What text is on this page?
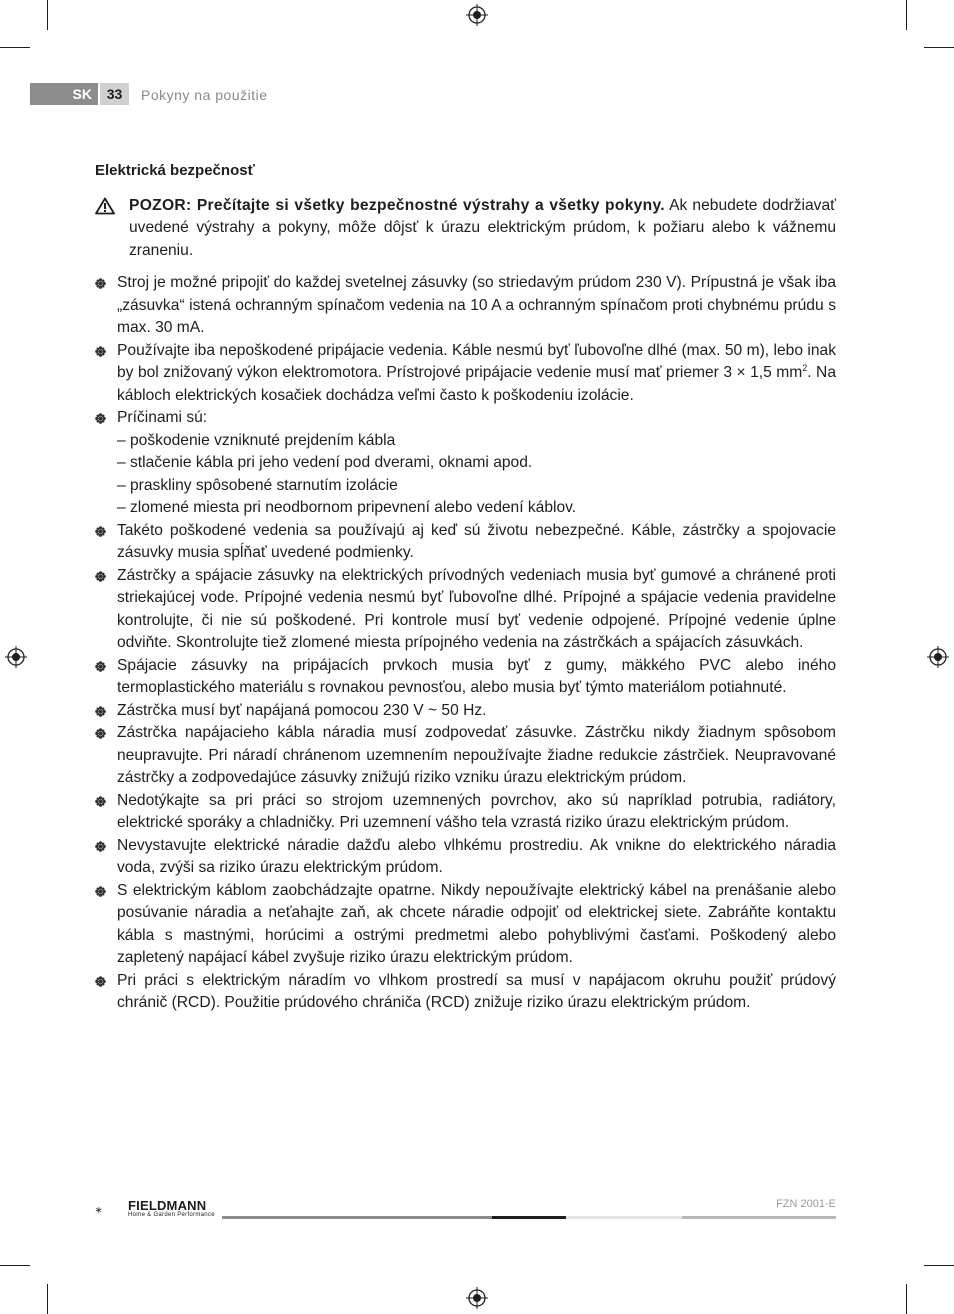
SK	33	Pokyny na použitie
Elektrická bezpečnosť
POZOR: Prečítajte si všetky bezpečnostné výstrahy a všetky pokyny. Ak nebudete dodržiavať uvedené výstrahy a pokyny, môže dôjsť k úrazu elektrickým prúdom, k požiaru alebo k vážnemu zraneniu.
Stroj je možné pripojiť do každej svetelnej zásuvky (so striedavým prúdom 230 V). Prípustná je však iba „zásuvka“ istená ochranným spínačom vedenia na 10 A a ochranným spínačom proti chybnému prúdu s max. 30 mA.
Používajte iba nepoškodené pripájacie vedenia. Káble nesmú byť ľubovoľne dlhé (max. 50 m), lebo inak by bol znižovaný výkon elektromotora. Prístrojové pripájacie vedenie musí mať priemer 3 × 1,5 $mm^2$. Na kábloch elektrických kosačiek dochádza veľmi často k poškodeniu izolácie.
Príčinami sú:
– poškodenie vzniknuté prejdením kábla
– stlačenie kábla pri jeho vedení pod dverami, oknami apod.
– praskliny spôsobené starnutím izolácie
– zlomené miesta pri neodbornom pripevnení alebo vedení káblov.
Takéto poškodené vedenia sa používajú aj keď sú životu nebezpečné. Káble, zástrčky a spojovacie zásuvky musia spĺňať uvedené podmienky.
Zástrčky a spájacie zásuvky na elektrických prívodných vedeniach musia byť gumové a chránené proti striekajúcej vode. Prípojné vedenia nesmú byť ľubovoľne dlhé. Prípojné a spájacie vedenia pravidelne kontrolujte, či nie sú poškodené. Pri kontrole musí byť vedenie odpojené. Prípojné vedenie úplne odviňte. Skontrolujte tiež zlomené miesta prípojného vedenia na zástrčkách a spájacích zásuvkách.
Spájacie zásuvky na pripájacích prvkoch musia byť z gumy, mäkkého PVC alebo iného termoplastického materiálu s rovnakou pevnosťou, alebo musia byť týmto materiálom potiahnuté.
Zástrčka musí byť napájaná pomocou 230 V ~ 50 Hz.
Zástrčka napájacieho kábla náradia musí zodpovedať zásuvke. Zástrčku nikdy žiadnym spôsobom neupravujte. Pri náradí chránenom uzemnením nepoužívajte žiadne redukcie zástrčiek. Neupravované zástrčky a zodpovedajúce zásuvky znižujú riziko vzniku úrazu elektrickým prúdom.
Nedotýkajte sa pri práci so strojom uzemnených povrchov, ako sú napríklad potrubia, radiátory, elektrické sporáky a chladničky. Pri uzemnení vášho tela vzrastá riziko úrazu elektrickým prúdom.
Nevystavujte elektrické náradie dažďu alebo vlhkému prostrediu. Ak vnikne do elektrického náradia voda, zvýši sa riziko úrazu elektrickým prúdom.
S elektrickým káblom zaobchádzajte opatrne. Nikdy nepoužívajte elektrický kábel na prenášanie alebo posúvanie náradia a neťahajte zaň, ak chcete náradie odpojiť od elektrickej siete. Zabráňte kontaktu kábla s mastnými, horúcimi a ostrými predmetmi alebo pohyblivými časťami. Poškodený alebo zapletený napájací kábel zvyšuje riziko úrazu elektrickým prúdom.
Pri práci s elektrickým náradím vo vlhkom prostredí sa musí v napájacom okruhu použiť prúdový chránič (RCD). Použitie prúdového chrániča (RCD) znižuje riziko úrazu elektrickým prúdom.
FIELDMANN
Home & Garden Performance
FZN 2001-E
